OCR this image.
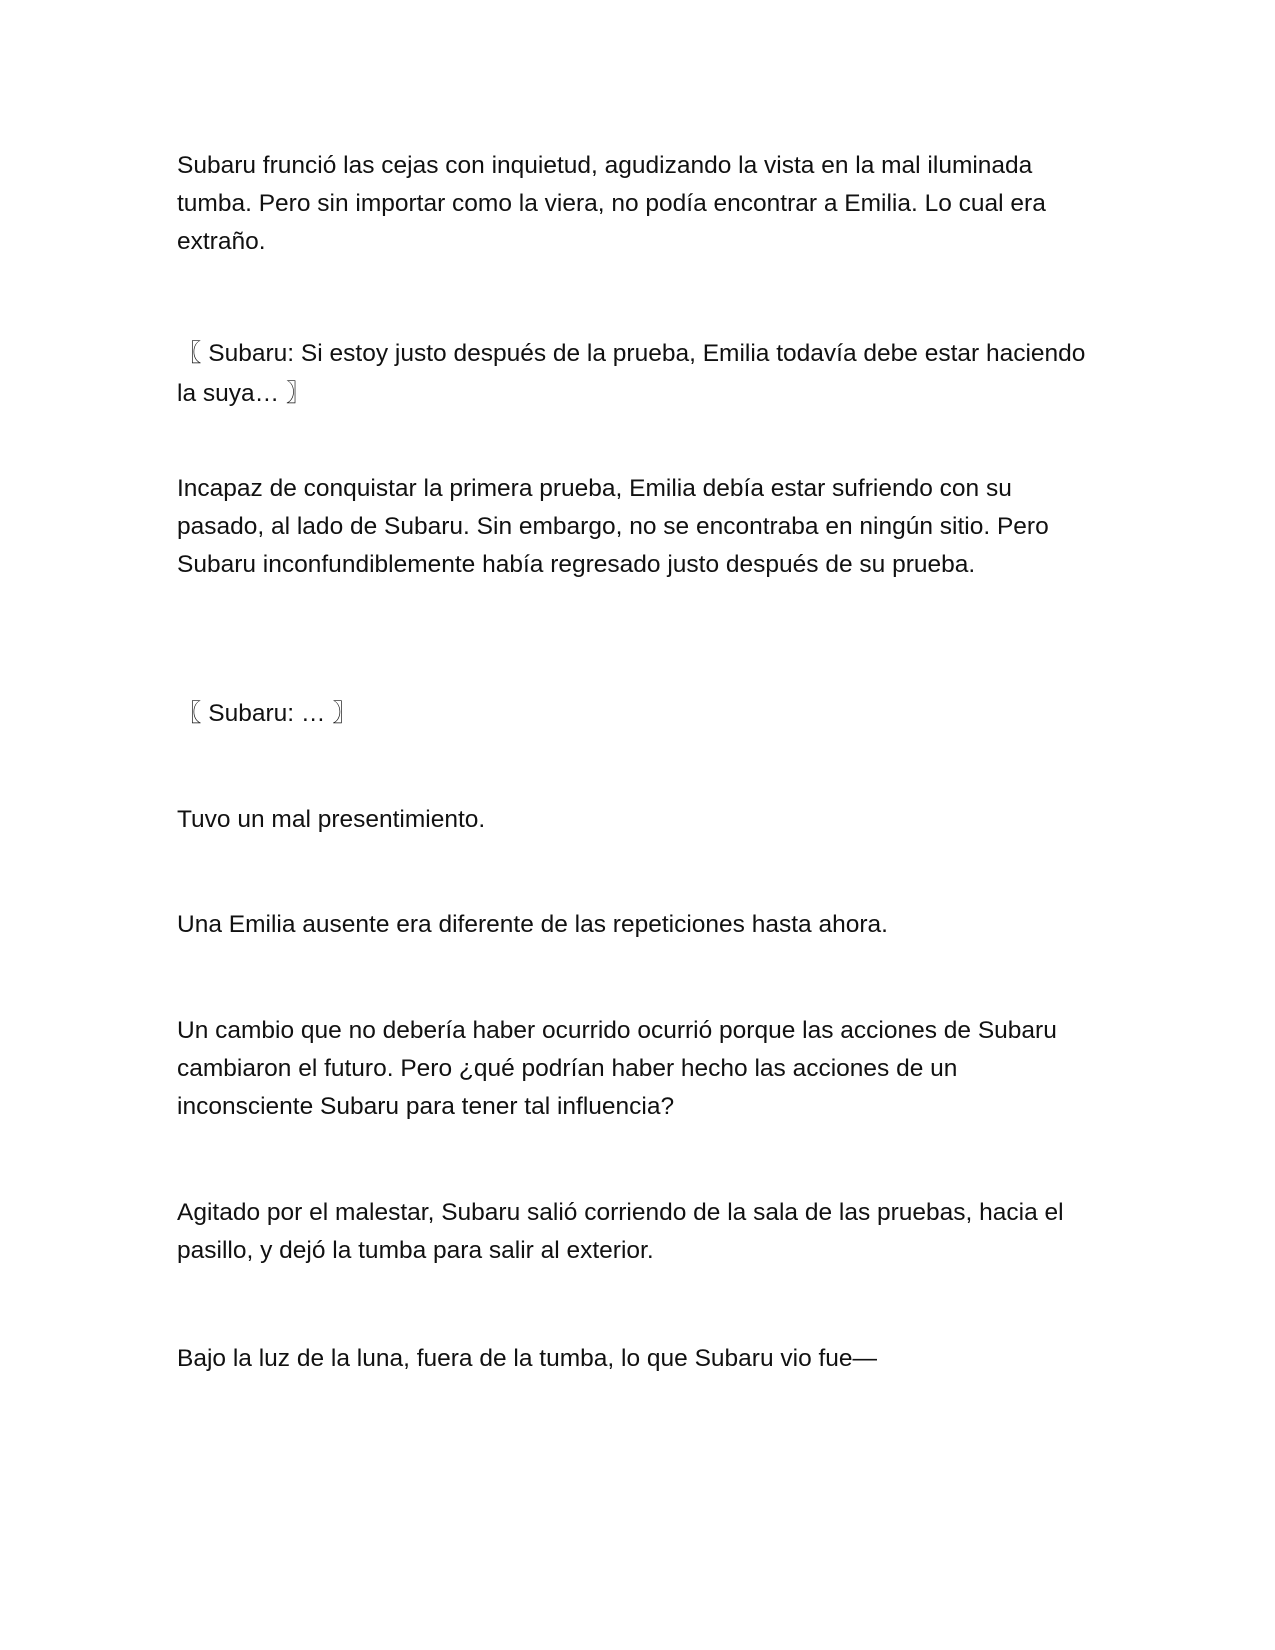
Subaru frunció las cejas con inquietud, agudizando la vista en la mal iluminada tumba. Pero sin importar como la viera, no podía encontrar a Emilia. Lo cual era extraño.

〖 Subaru: Si estoy justo después de la prueba, Emilia todavía debe estar haciendo la suya… 〗

Incapaz de conquistar la primera prueba, Emilia debía estar sufriendo con su pasado, al lado de Subaru. Sin embargo, no se encontraba en ningún sitio. Pero Subaru inconfundiblemente había regresado justo después de su prueba.

〖 Subaru: … 〗

Tuvo un mal presentimiento.

Una Emilia ausente era diferente de las repeticiones hasta ahora.

Un cambio que no debería haber ocurrido ocurrió porque las acciones de Subaru cambiaron el futuro. Pero ¿qué podrían haber hecho las acciones de un inconsciente Subaru para tener tal influencia?

Agitado por el malestar, Subaru salió corriendo de la sala de las pruebas, hacia el pasillo, y dejó la tumba para salir al exterior.

Bajo la luz de la luna, fuera de la tumba, lo que Subaru vio fue—
